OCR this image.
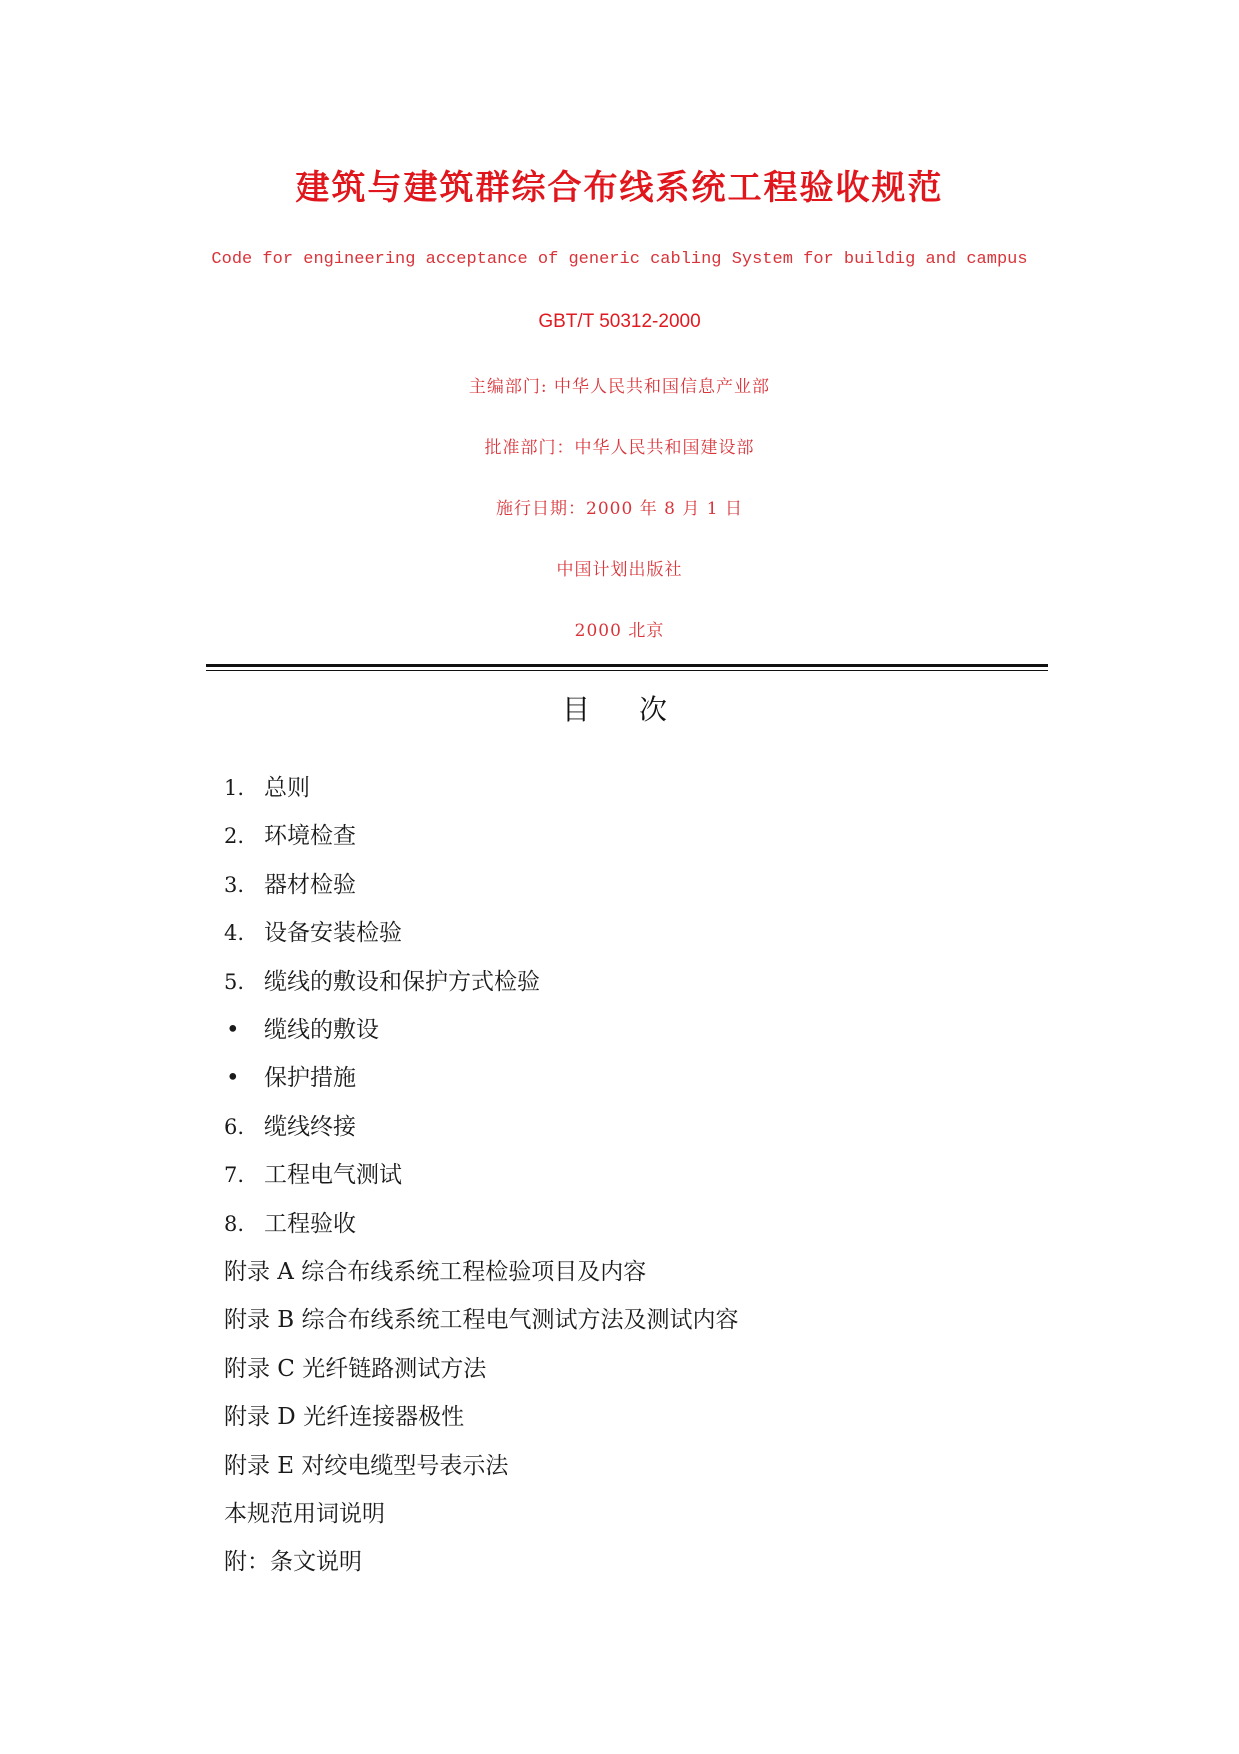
建筑与建筑群综合布线系统工程验收规范
Code for engineering acceptance of generic cabling System for buildig and campus
GBT/T 50312-2000
主编部门: 中华人民共和国信息产业部
批准部门：中华人民共和国建设部
施行日期：2000 年 8 月 1 日
中国计划出版社
2000 北京
目 次
1. 总则
2. 环境检查
3. 器材检验
4. 设备安装检验
5. 缆线的敷设和保护方式检验
• 缆线的敷设
• 保护措施
6. 缆线终接
7. 工程电气测试
8. 工程验收
附录 A 综合布线系统工程检验项目及内容
附录 B 综合布线系统工程电气测试方法及测试内容
附录 C 光纤链路测试方法
附录 D 光纤连接器极性
附录 E 对绞电缆型号表示法
本规范用词说明
附：条文说明
